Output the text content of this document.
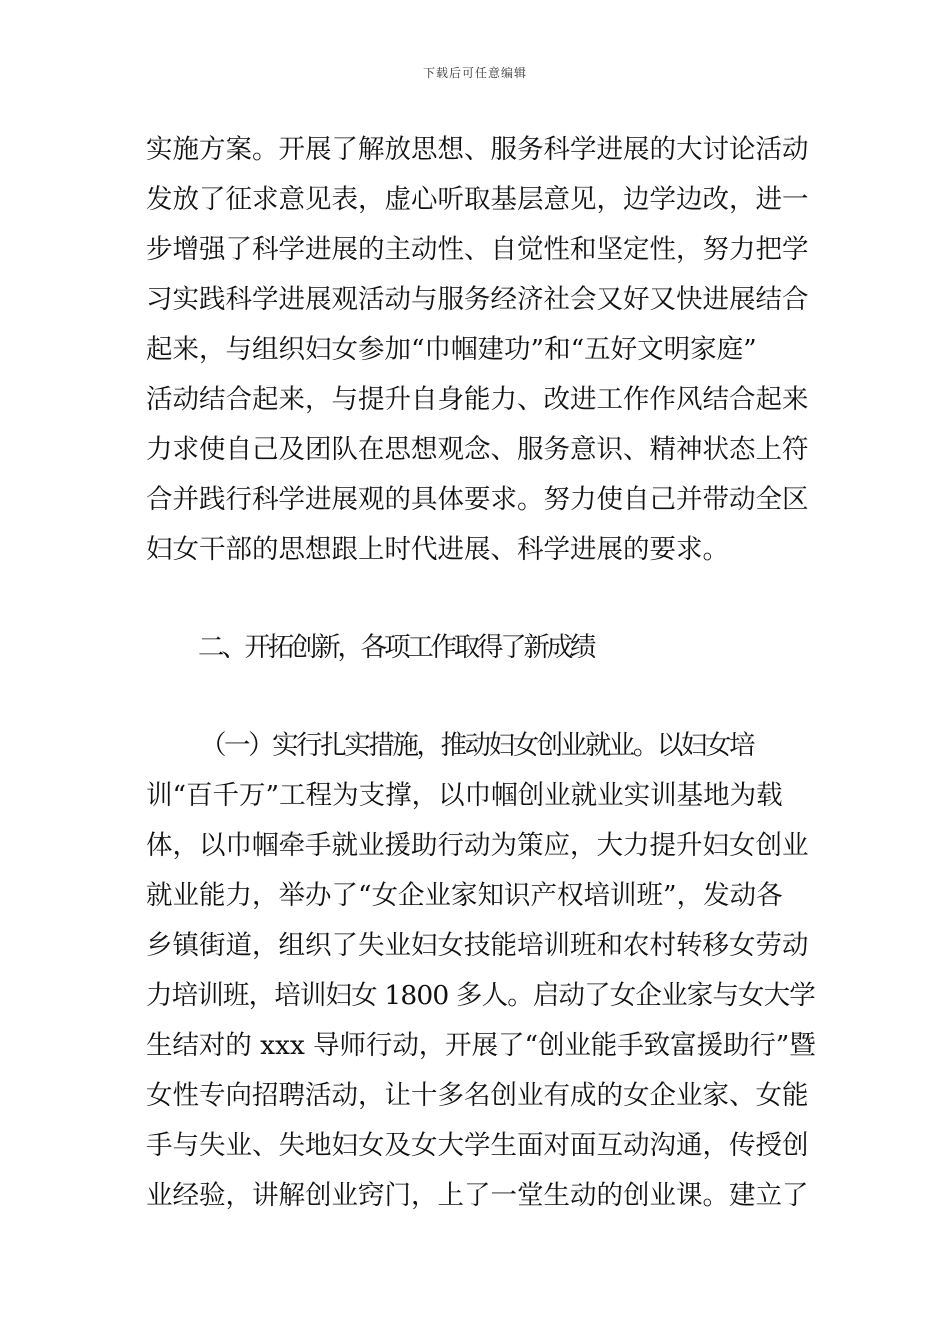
下载后可任意编辑
实施方案。开展了解放思想、服务科学进展的大讨论活动
发放了征求意见表，虚心听取基层意见，边学边改，进一
步增强了科学进展的主动性、自觉性和坚定性，努力把学
习实践科学进展观活动与服务经济社会又好又快进展结合
起来，与组织妇女参加“巾帼建功”和“五好文明家庭”
活动结合起来，与提升自身能力、改进工作作风结合起来
力求使自己及团队在思想观念、服务意识、精神状态上符
合并践行科学进展观的具体要求。努力使自己并带动全区
妇女干部的思想跟上时代进展、科学进展的要求。
二、开拓创新，各项工作取得了新成绩
（一）实行扎实措施，推动妇女创业就业。以妇女培
训“百千万”工程为支撑，以巾帼创业就业实训基地为载
体，以巾帼牵手就业援助行动为策应，大力提升妇女创业
就业能力，举办了“女企业家知识产权培训班”，发动各
乡镇街道，组织了失业妇女技能培训班和农村转移女劳动
力培训班，培训妇女 1800 多人。启动了女企业家与女大学
生结对的 xxx 导师行动，开展了“创业能手致富援助行”暨
女性专向招聘活动，让十多名创业有成的女企业家、女能
手与失业、失地妇女及女大学生面对面互动沟通，传授创
业经验，讲解创业窍门，上了一堂生动的创业课。建立了
